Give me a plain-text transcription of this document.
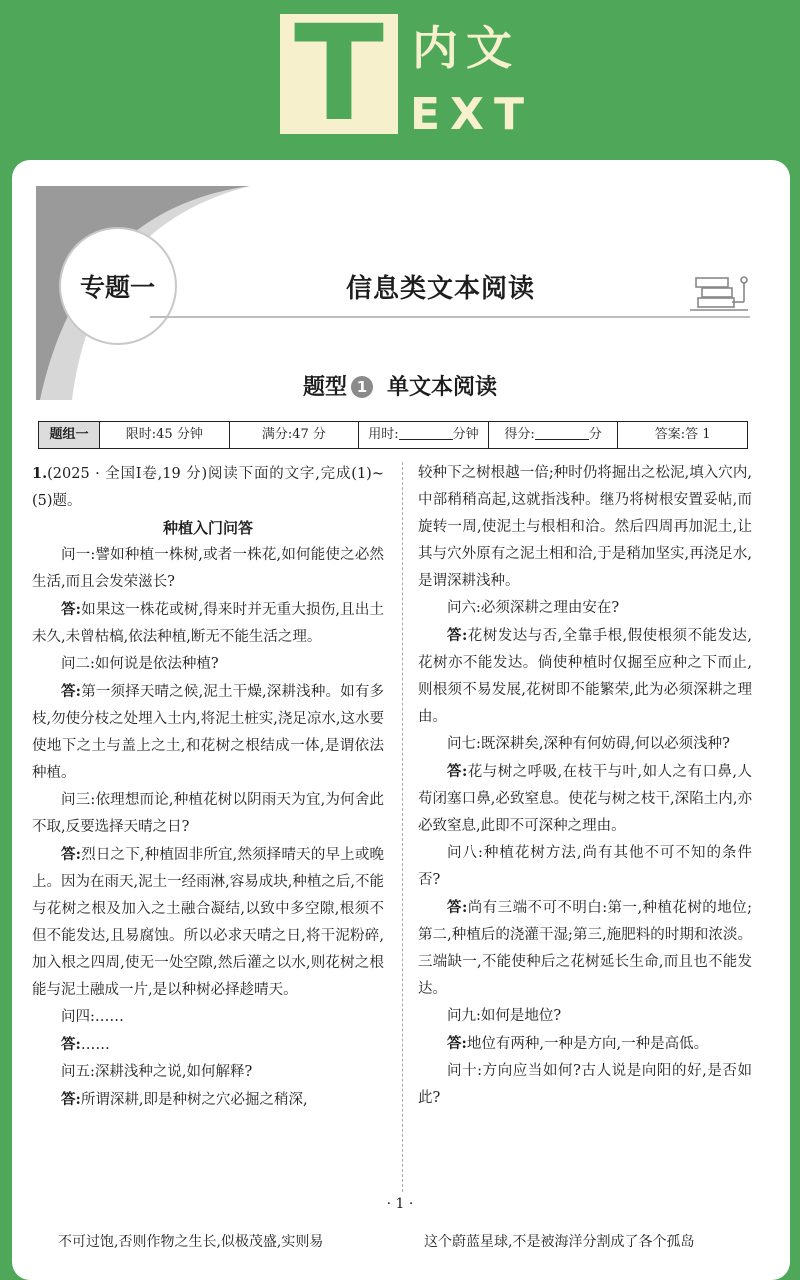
T 内文
EXT
专题一	信息类文本阅读
题型 1 单文本阅读
题组一	限时:45 分钟	满分:47 分	用时:	分钟	得分:	分	答案:答 1

1.(2025 · 全国Ⅰ卷,19 分)阅读下面的文字,完成(1)~(5)题。

种植入门问答

问一:譬如种植一株树,或者一株花,如何能使之必然生活,而且会发荣滋长?

答:如果这一株花或树,得来时并无重大损伤,且出土未久,未曾枯槁,依法种植,断无不能生活之理。

问二:如何说是依法种植?

答:第一须择天晴之候,泥土干燥,深耕浅种。如有多枝,勿使分枝之处埋入土内,将泥土桩实,浇足凉水,这水要使地下之土与盖上之土,和花树之根结成一体,是谓依法种植。

问三:依理想而论,种植花树以阴雨天为宜,为何舍此不取,反要选择天晴之日?

答:烈日之下,种植固非所宜,然须择晴天的早上或晚上。因为在雨天,泥土一经雨淋,容易成块,种植之后,不能与花树之根及加入之土融合凝结,以致中多空隙,根须不但不能发达,且易腐蚀。所以必求天晴之日,将干泥粉碎,加入根之四周,使无一处空隙,然后灌之以水,则花树之根能与泥土融成一片,是以种树必择趁晴天。

问四:……

答:……

问五:深耕浅种之说,如何解释?

答:所谓深耕,即是种树之穴必掘之稍深,

较种下之树根越一倍;种时仍将掘出之松泥,填入穴内,中部稍稍高起,这就指浅种。继乃将树根安置妥帖,而旋转一周,使泥土与根相和洽。然后四周再加泥土,让其与穴外原有之泥土相和洽,于是稍加坚实,再浇足水,是谓深耕浅种。

问六:必须深耕之理由安在?

答:花树发达与否,全靠手根,假使根须不能发达,花树亦不能发达。倘使种植时仅掘至应种之下而止,则根须不易发展,花树即不能繁荣,此为必须深耕之理由。

问七:既深耕矣,深种有何妨碍,何以必须浅种?

答:花与树之呼吸,在枝干与叶,如人之有口鼻,人苟闭塞口鼻,必致窒息。使花与树之枝干,深陷土内,亦必致窒息,此即不可深种之理由。

问八:种植花树方法,尚有其他不可不知的条件否?

答:尚有三端不可不明白:第一,种植花树的地位;第二,种植后的浇灌干湿;第三,施肥料的时期和浓淡。三端缺一,不能使种后之花树延长生命,而且也不能发达。

问九:如何是地位?

答:地位有两种,一种是方向,一种是高低。

问十:方向应当如何?古人说是向阳的好,是否如此?

· 1 ·
不可过饱,否则作物之生长,似极茂盛,实则易	这个蔚蓝星球,不是被海洋分割成了各个孤岛
